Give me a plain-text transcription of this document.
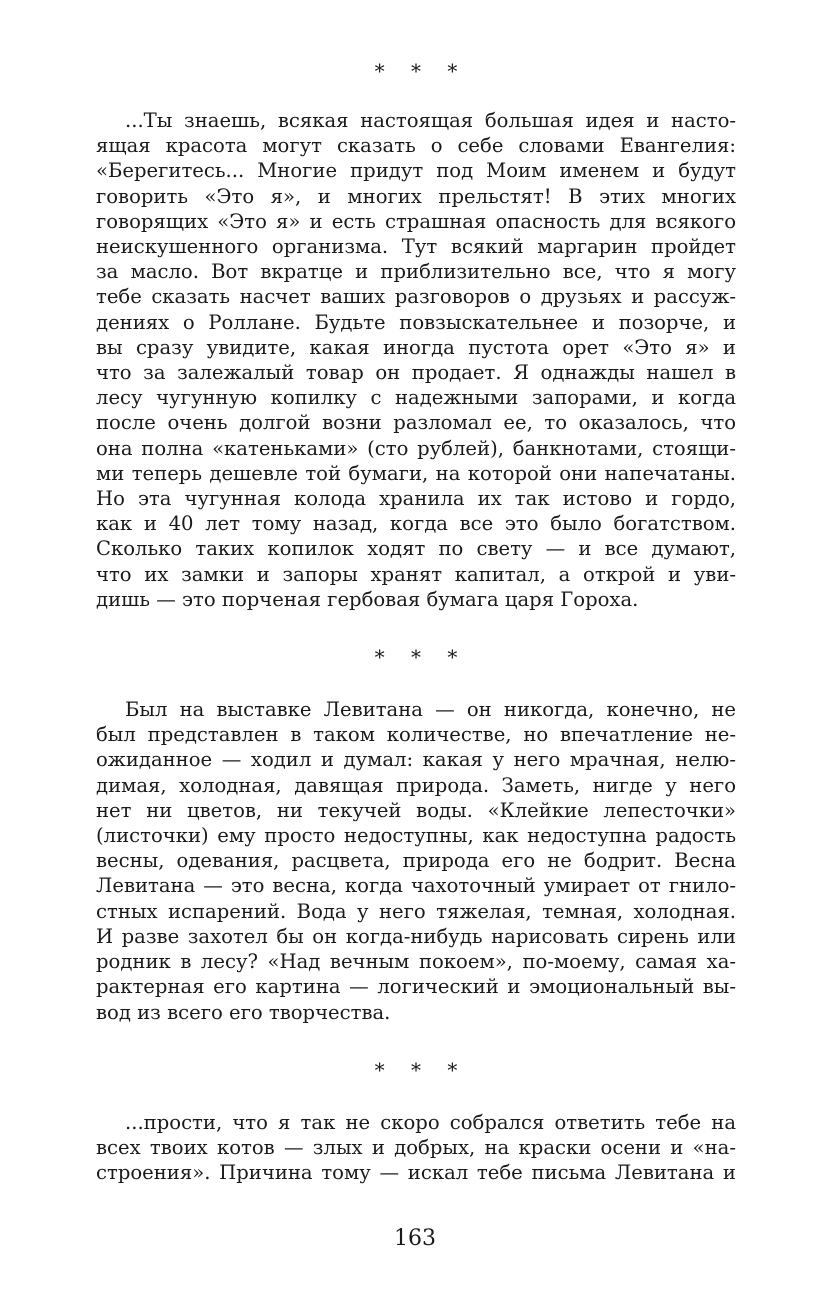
* * *
...Ты знаешь, всякая настоящая большая идея и насто-
ящая красота могут сказать о себе словами Евангелия:
«Берегитесь... Многие придут под Моим именем и будут
говорить «Это я», и многих прельстят! В этих многих
говорящих «Это я» и есть страшная опасность для всякого
неискушенного организма. Тут всякий маргарин пройдет
за масло. Вот вкратце и приблизительно все, что я могу
тебе сказать насчет ваших разговоров о друзьях и рассуж-
дениях о Роллане. Будьте повзыскательнее и позорче, и
вы сразу увидите, какая иногда пустота орет «Это я» и
что за залежалый товар он продает. Я однажды нашел в
лесу чугунную копилку с надежными запорами, и когда
после очень долгой возни разломал ее, то оказалось, что
она полна «катеньками» (сто рублей), банкнотами, стоящи-
ми теперь дешевле той бумаги, на которой они напечатаны.
Но эта чугунная колода хранила их так истово и гордо,
как и 40 лет тому назад, когда все это было богатством.
Сколько таких копилок ходят по свету — и все думают,
что их замки и запоры хранят капитал, а открой и уви-
дишь — это порченая гербовая бумага царя Гороха.
* * *
Был на выставке Левитана — он никогда, конечно, не
был представлен в таком количестве, но впечатление не-
ожиданное — ходил и думал: какая у него мрачная, нелю-
димая, холодная, давящая природа. Заметь, нигде у него
нет ни цветов, ни текучей воды. «Клейкие лепесточки»
(листочки) ему просто недоступны, как недоступна радость
весны, одевания, расцвета, природа его не бодрит. Весна
Левитана — это весна, когда чахоточный умирает от гнило-
стных испарений. Вода у него тяжелая, темная, холодная.
И разве захотел бы он когда-нибудь нарисовать сирень или
родник в лесу? «Над вечным покоем», по-моему, самая ха-
рактерная его картина — логический и эмоциональный вы-
вод из всего его творчества.
* * *
...прости, что я так не скоро собрался ответить тебе на
всех твоих котов — злых и добрых, на краски осени и «на-
строения». Причина тому — искал тебе письма Левитана и
163
